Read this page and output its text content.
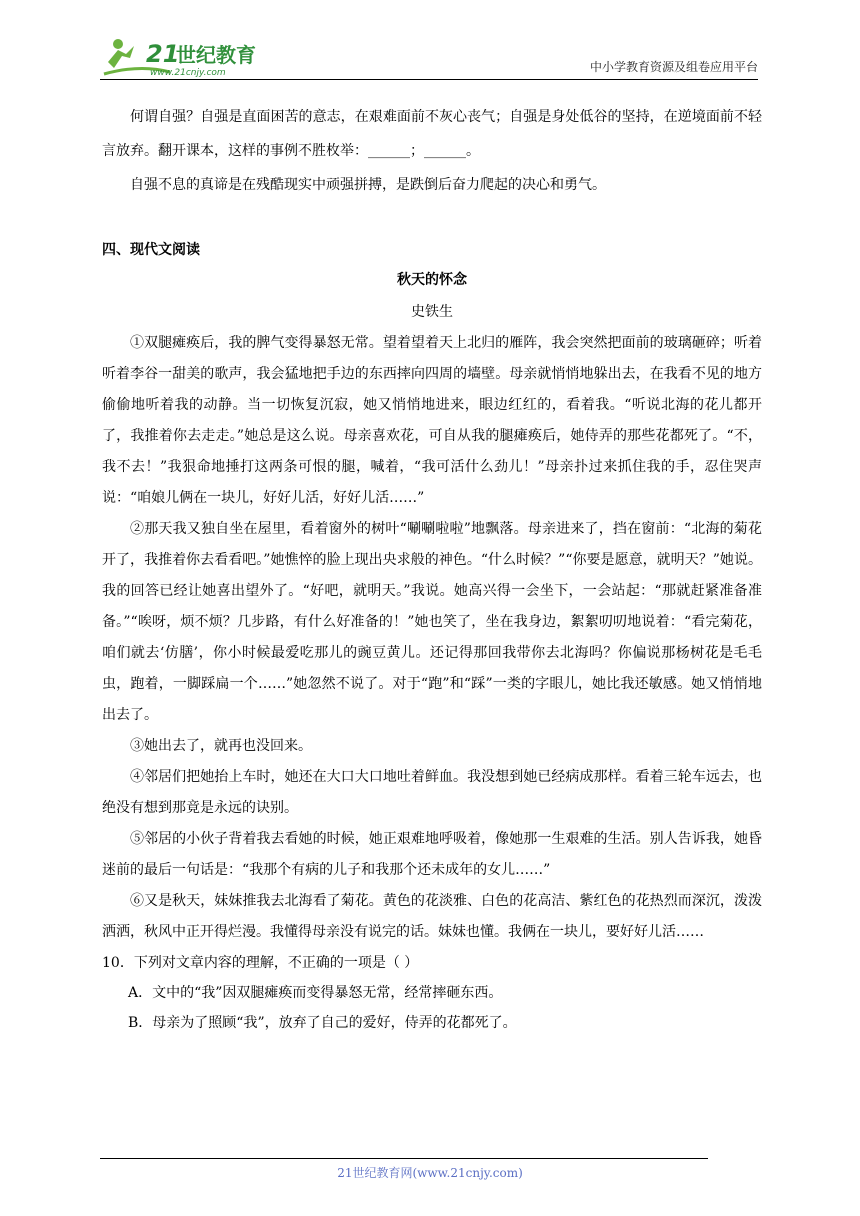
21
世纪教育
www.21cnjy.com	中小学教育资源及组卷应用平台

何谓自强？自强是直面困苦的意志，在艰难面前不灰心丧气；自强是身处低谷的坚持，在逆境面前不轻言放弃。翻开课本，这样的事例不胜枚举：______；______。

自强不息的真谛是在残酷现实中顽强拼搏，是跌倒后奋力爬起的决心和勇气。

四、现代文阅读

秋天的怀念

史铁生

①双腿瘫痪后，我的脾气变得暴怒无常。望着望着天上北归的雁阵，我会突然把面前的玻璃砸碎；听着听着李谷一甜美的歌声，我会猛地把手边的东西摔向四周的墙壁。母亲就悄悄地躲出去，在我看不见的地方偷偷地听着我的动静。当一切恢复沉寂，她又悄悄地进来，眼边红红的，看着我。“听说北海的花儿都开了，我推着你去走走。”她总是这么说。母亲喜欢花，可自从我的腿瘫痪后，她侍弄的那些花都死了。“不，我不去！”我狠命地捶打这两条可恨的腿，喊着，“我可活什么劲儿！”母亲扑过来抓住我的手，忍住哭声说：“咱娘儿俩在一块儿，好好儿活，好好儿活……”

②那天我又独自坐在屋里，看着窗外的树叶“唰唰啦啦”地飘落。母亲进来了，挡在窗前：“北海的菊花开了，我推着你去看看吧。”她憔悴的脸上现出央求般的神色。“什么时候？”“你要是愿意，就明天？”她说。我的回答已经让她喜出望外了。“好吧，就明天。”我说。她高兴得一会坐下，一会站起：“那就赶紧准备准备。”“唉呀，烦不烦？几步路，有什么好准备的！”她也笑了，坐在我身边，絮絮叨叨地说着：“看完菊花，咱们就去‘仿膳’，你小时候最爱吃那儿的豌豆黄儿。还记得那回我带你去北海吗？你偏说那杨树花是毛毛虫，跑着，一脚踩扁一个……”她忽然不说了。对于“跑”和“踩”一类的字眼儿，她比我还敏感。她又悄悄地出去了。

③她出去了，就再也没回来。

④邻居们把她抬上车时，她还在大口大口地吐着鲜血。我没想到她已经病成那样。看着三轮车远去，也绝没有想到那竟是永远的诀别。

⑤邻居的小伙子背着我去看她的时候，她正艰难地呼吸着，像她那一生艰难的生活。别人告诉我，她昏迷前的最后一句话是：“我那个有病的儿子和我那个还未成年的女儿……”

⑥又是秋天，妹妹推我去北海看了菊花。黄色的花淡雅、白色的花高洁、紫红色的花热烈而深沉，泼泼洒洒，秋风中正开得烂漫。我懂得母亲没有说完的话。妹妹也懂。我俩在一块儿，要好好儿活……

10．下列对文章内容的理解，不正确的一项是（ ）

A．文中的“我”因双腿瘫痪而变得暴怒无常，经常摔砸东西。

B．母亲为了照顾“我”，放弃了自己的爱好，侍弄的花都死了。

21世纪教育网(www.21cnjy.com)
